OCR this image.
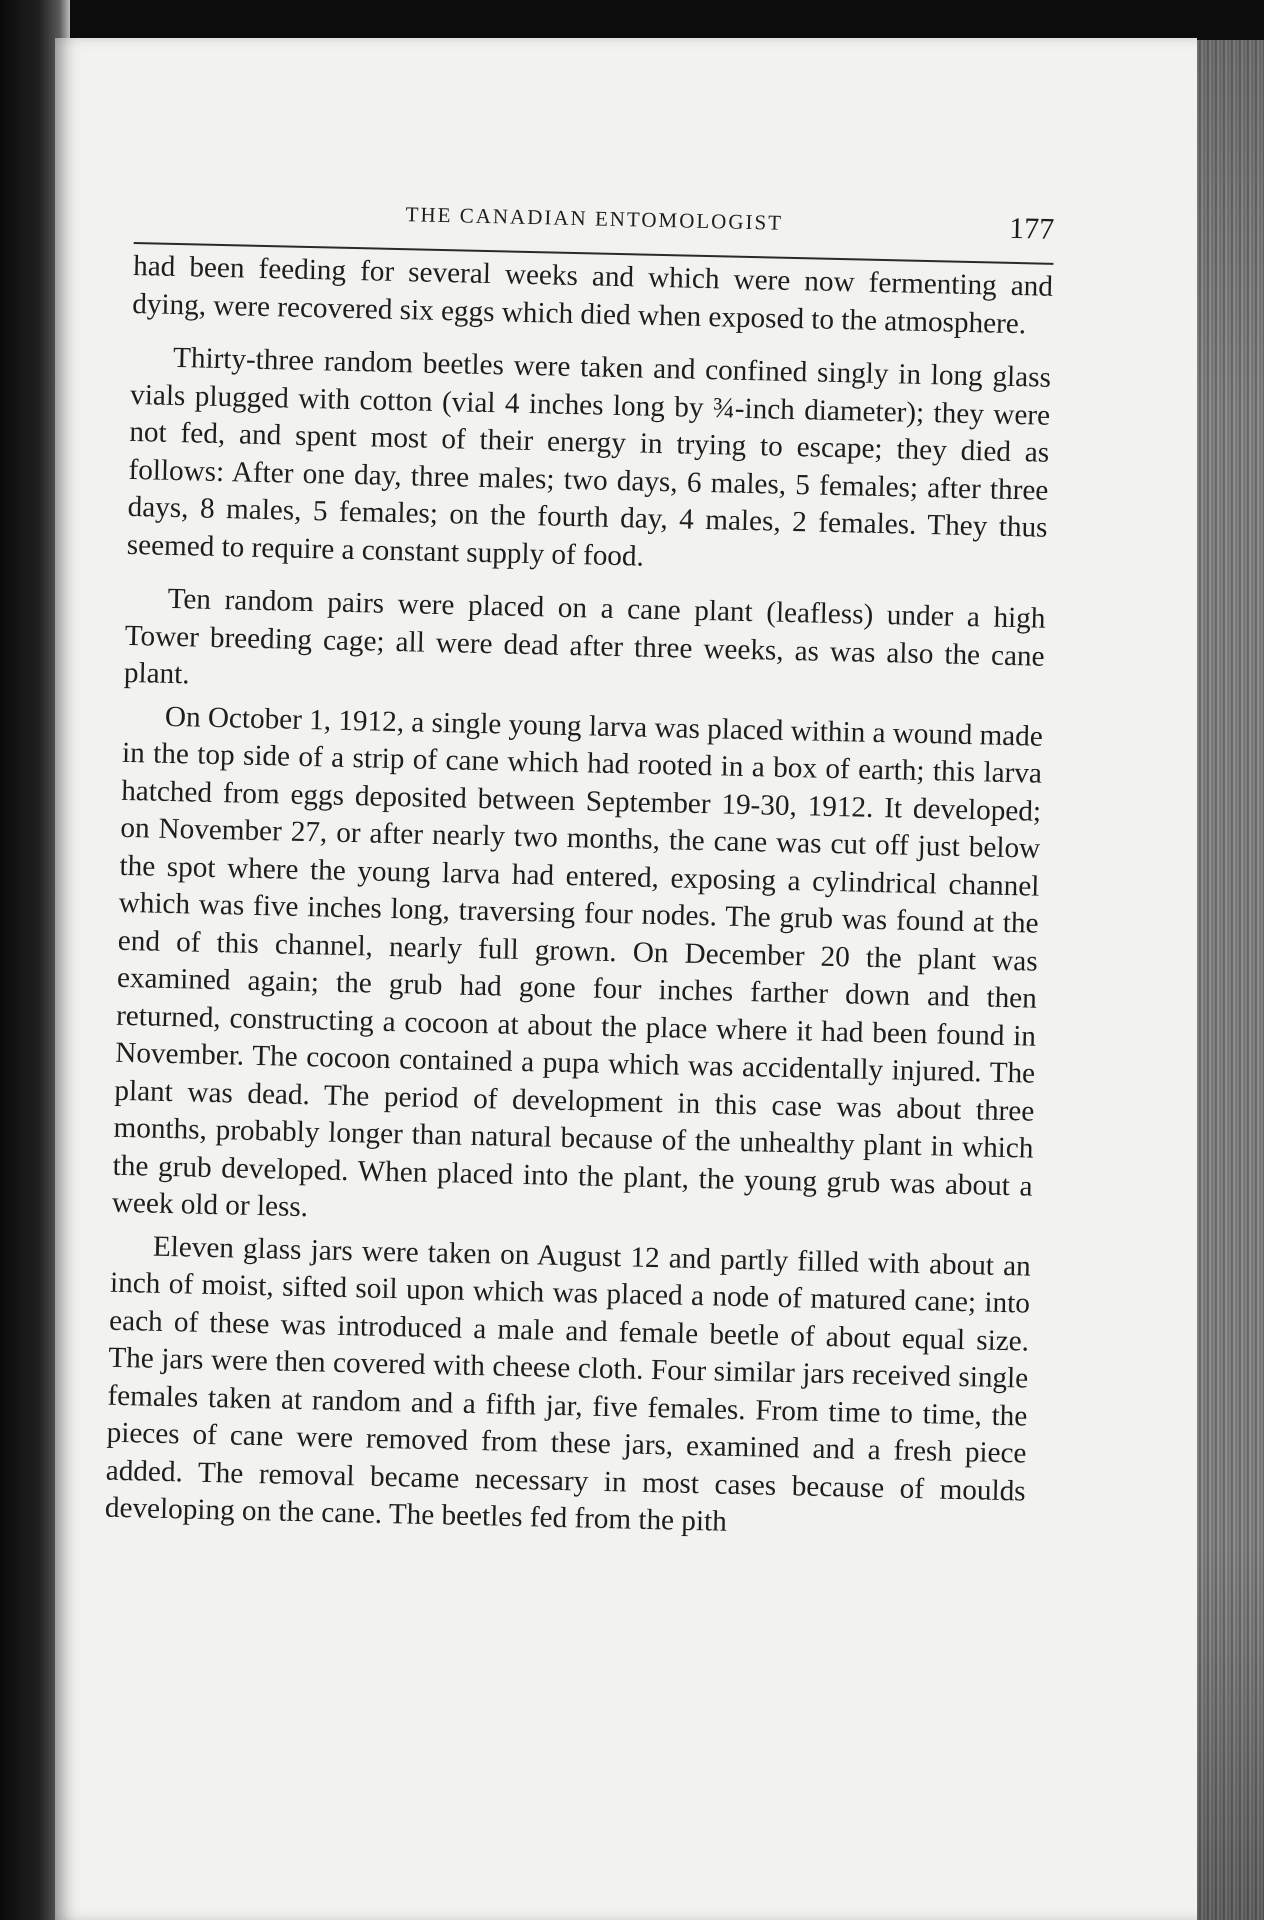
THE CANADIAN ENTOMOLOGIST	177

had been feeding for several weeks and which were now fermenting and dying, were recovered six eggs which died when exposed to the atmosphere.

Thirty-three random beetles were taken and confined singly in long glass vials plugged with cotton (vial 4 inches long by ¾-inch diameter); they were not fed, and spent most of their energy in trying to escape; they died as follows: After one day, three males; two days, 6 males, 5 females; after three days, 8 males, 5 females; on the fourth day, 4 males, 2 females. They thus seemed to require a constant supply of food.

Ten random pairs were placed on a cane plant (leafless) under a high Tower breeding cage; all were dead after three weeks, as was also the cane plant.

On October 1, 1912, a single young larva was placed within a wound made in the top side of a strip of cane which had rooted in a box of earth; this larva hatched from eggs deposited between September 19-30, 1912. It developed; on November 27, or after nearly two months, the cane was cut off just below the spot where the young larva had entered, exposing a cylindrical channel which was five inches long, traversing four nodes. The grub was found at the end of this channel, nearly full grown. On December 20 the plant was examined again; the grub had gone four inches farther down and then returned, constructing a cocoon at about the place where it had been found in November. The cocoon contained a pupa which was accidentally injured. The plant was dead. The period of development in this case was about three months, probably longer than natural because of the unhealthy plant in which the grub developed. When placed into the plant, the young grub was about a week old or less.

Eleven glass jars were taken on August 12 and partly filled with about an inch of moist, sifted soil upon which was placed a node of matured cane; into each of these was introduced a male and female beetle of about equal size. The jars were then covered with cheese cloth. Four similar jars received single females taken at random and a fifth jar, five females. From time to time, the pieces of cane were removed from these jars, examined and a fresh piece added. The removal became necessary in most cases because of moulds developing on the cane. The beetles fed from the pith
